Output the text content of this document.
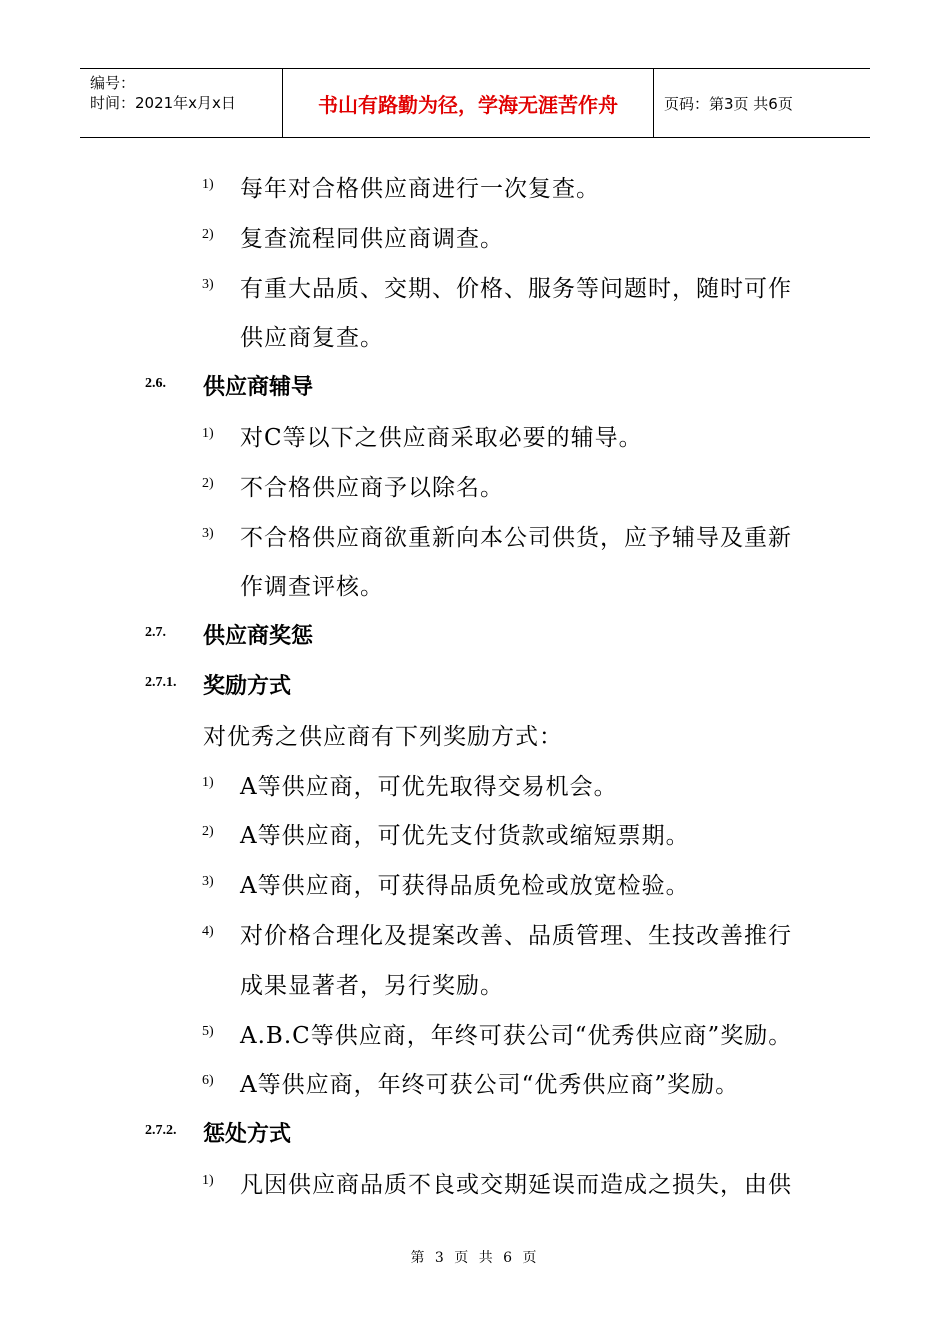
编号：
时间：2021年x月x日	书山有路勤为径，学海无涯苦作舟	页码：第3页 共6页
1) 每年对合格供应商进行一次复查。
2) 复查流程同供应商调查。
3) 有重大品质、交期、价格、服务等问题时，随时可作
供应商复查。
2.6. 供应商辅导
1) 对C等以下之供应商采取必要的辅导。
2) 不合格供应商予以除名。
3) 不合格供应商欲重新向本公司供货，应予辅导及重新
作调查评核。
2.7. 供应商奖惩
2.7.1. 奖励方式
对优秀之供应商有下列奖励方式：
1) A等供应商，可优先取得交易机会。
2) A等供应商，可优先支付货款或缩短票期。
3) A等供应商，可获得品质免检或放宽检验。
4) 对价格合理化及提案改善、品质管理、生技改善推行
成果显著者，另行奖励。
5) A.B.C等供应商，年终可获公司“优秀供应商”奖励。
6) A等供应商，年终可获公司“优秀供应商”奖励。
2.7.2. 惩处方式
1) 凡因供应商品质不良或交期延误而造成之损失，由供
第 3 页 共 6 页
